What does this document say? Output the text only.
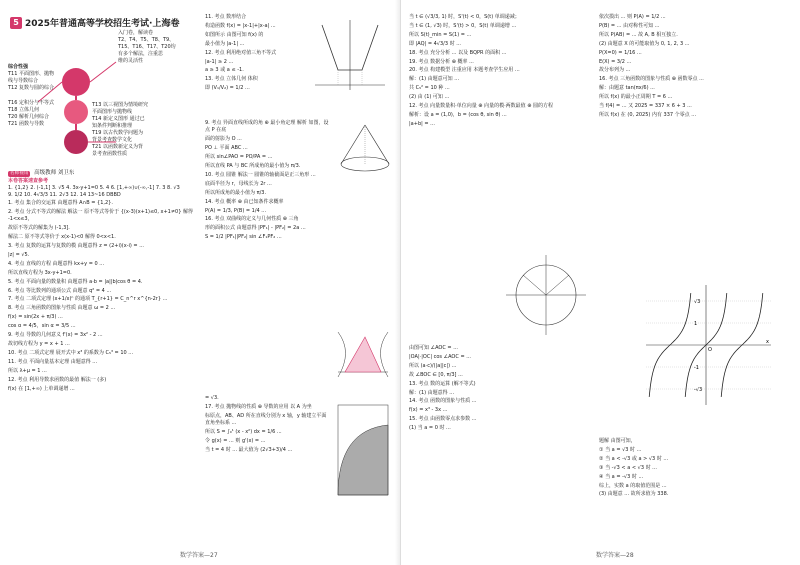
5 2025年普通高等学校招生考试·上海卷
入门卷，解读卷
T2、T4、T5、T8、T9、
T15、T16、T17、T20均
有多个解法，注重思
维的灵活性
综合性强
T11 平面图形、抛物
线与导数综合
T12 复数与圆的综合
T16 定积分与不等式
T18 立体几何
T20 解析几何综合
T21 函数与导数
T13 以三视图为情境研究
平面图形与抛物线
T14 新定义图形 通过已
知条件判断和推理
T19 以古代数学问题为
背景考查数学文化
T21 以函数新定义为背
景考查函数性质
名师视角 高级教师 刘卫东
本卷答案速查参考
1. {1,2} 2. (-1,1] 3. √5 4. 3x-y+1=0 5. 4 6. [1,+∞)∪(-∞,-1] 7. 3 8. √3
9. 1/2 10. 4√3/3 11. 2√3 12. 14 13~16 DBBD

1. 考点 集合的交运算 由题意得 A∩B = {1,2}.

2. 考点 分式不等式的解法 解法一 原不等式等价于 {(x-3)(x+1)≤0, x+1≠0} 解得 -1<x≤3，

故原不等式的解集为 (-1,3].

解法二 原不等式等价于 x(x-1)<0 解得 0<x<1.

3. 考点 复数的运算与复数的模 由题意得 z = (2+i)(x-i) = ...

|z| = √5.

4. 考点 直线的方程 由题意得 kx+y = 0 ...

所以直线方程为 3x-y+1=0.

5. 考点 平面向量的数量积 由题意得 a·b = |a||b|cos θ = 4.

6. 考点 等比数列的通项公式 由题意 q² = 4 ...

7. 考点 二项式定理 (x+1/x)ⁿ 的通项 T_{r+1} = C_n^r x^{n-2r} ...

8. 考点 三角函数的图象与性质 由题意 ω = 2 ...

f(x) = sin(2x + π/3) ...

cos α = 4/5，sin α = 3/5 ...

9. 考点 导数的几何意义 f'(x) = 3x² - 2 ...

故切线方程为 y = x + 1 ...

10. 考点 二项式定理 展开式中 x³ 的系数为 C₅³ = 10 ...

11. 考点 平面向量基本定理 由题意得 ...

所以 λ+μ = 1 ...

12. 考点 利用导数求函数的最值 解法一 (多)

f(x) 在 [1,+∞) 上单调递增 ...

11. 考点 数形结合

构造函数 f(x) = |x-1|+|x-a| ...

如图所示 由图可知 f(x) 的

最小值为 |a-1| ...

12. 考点 利用绝对值三角不等式

|a-1| ≥ 2 ...

a ≥ 3 或 a ≤ -1.

13. 考点 立体几何 体积

即 (V₁/V₂) = 1/2 ...

9. 考点 异面直线所成的角 ⊕ 最小角定理 解析 如图，设点 P 在底

面的射影为 O ...

PO ⊥ 平面 ABC ...

所以 sin∠PAO = PO/PA = ...

所以直线 PA 与 BC 所成角的最小值为 π/3.

10. 考点 圆锥 解法一 圆锥的轴截面是正三角形 ...

底面半径为 r，母线长为 2r ...

所以所成角的最小值为 π/3.

14. 考点 概率 ⊕ 由已知条件求概率

P(A) = 1/3, P(B) = 1/4 ...

16. 考点 双曲线的定义与几何性质 ⊕ 三角

形的面积公式 由题意得 |PF₁| - |PF₂| = 2a ...

S = 1/2 |PF₁||PF₂| sin ∠F₁PF₂ ...

= √3.

17. 考点 抛物线的性质 ⊕ 导数的应用 以 A 为坐

标原点，AB、AD 所在直线分别为 x 轴，y 轴建立平面直角坐标系 ...

所以 S = ∫₀¹ (x - x²) dx = 1/6 ...

令 g(x) = ... 则 g'(x) = ...

当 t = 4 时 ... 最大值为 (2√3+3)/4 ...

数学答案—27

当 t ∈ (√3/3, 1) 时，S'(t) < 0，S(t) 单调递减；

当 t ∈ (1, √3) 时，S'(t) > 0，S(t) 单调递增 ...

所以 S(t)_min = S(1) = ...

即 |AQ| = 4√3/3 时 ...

18. 考点 充分分析 ... 以及 BQPR 的面积 ...

19. 考点 数据分析 ⊕ 概率 ...

20. 考点 构建模型 注重应用 本题考查学生应用 ...

解：(1) 由题意可知 ...

共 C₅² = 10 种 ...

(2) 由 (1) 可知 ...

12. 考点 向量数量积·单位向量 ⊕ 向量的模·两数最值 ⊕ 圆的方程

解析：设 a = (1,0)，b = (cos θ, sin θ) ...

|a+b| = ...

由图可知 ∠AOC = ...

|OA|·|OC| cos ∠AOC = ...

所以 (a·c)/(|a||c|) ...

故 ∠BOC ∈ [0, π/3] ...

13. 考点 数的运算 (解不等式)

解：(1) 由题意得 ...

14. 考点 函数的图象与性质 ...

f(x) = x³ - 3x ...

15. 考点 由函数零点求参数 ...

(1) 当 a = 0 时 ...

依次摸出 ... 则 P(A) = 1/2 ...

P(B) = ... 由对称性可知 ...

所以 P(AB) = ... 故 A, B 相互独立.

(2) 由题意 X 的可能取值为 0, 1, 2, 3 ...

P(X=0) = 1/16 ...

E(X) = 3/2 ...

故分布列为 ...

16. 考点 三角函数的图象与性质 ⊕ 函数零点 ...

解：由题意 tan(πx/6) ...

所以 f(x) 的最小正周期 T = 6 ...

当 f(4) = ... 又 2025 = 337 × 6 + 3 ...

所以 f(x) 在 (0, 2025) 内有 337 个零点 ...

√3
1
-1
-√3
O
x

题解 由图可知，

① 当 a = √3 时 ...

② 当 a < -√3 或 a > √3 时 ...

③ 当 -√3 < a < √3 时 ...

④ 当 a = -√3 时 ...

综上，实数 a 的取值范围是 ...

(3) 由题意 ... 故所求值为 338.

数学答案—28
